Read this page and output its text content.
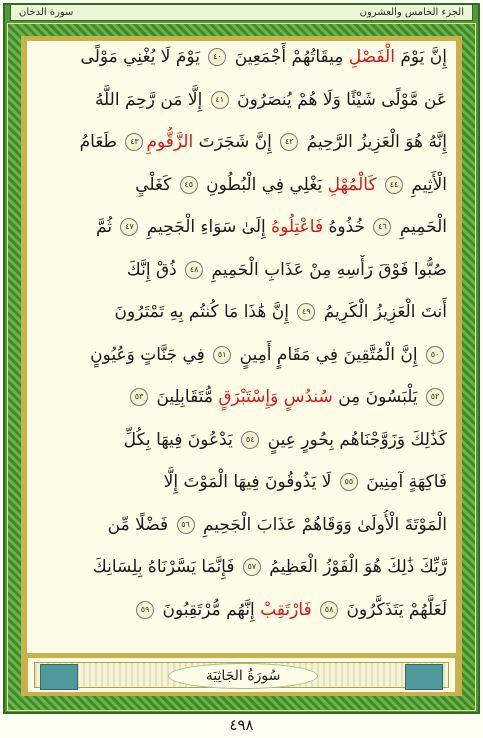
سورة الدخان	الجزء الخامس والعشرون
إِنَّ يَوْمَ الْفَصْلِ مِيقَاتُهُمْ أَجْمَعِينَ ٤٠ يَوْمَ لَا يُغْنِي مَوْلًى
عَن مَّوْلًى شَيْئًا وَلَا هُمْ يُنصَرُونَ ٤١ إِلَّا مَن رَّحِمَ اللَّهُ
إِنَّهُ هُوَ الْعَزِيزُ الرَّحِيمُ ٤٢ إِنَّ شَجَرَتَ الزَّقُّومِ٤٣ طَعَامُ
الْأَثِيمِ ٤٤ كَالْمُهْلِ يَغْلِي فِي الْبُطُونِ ٤٥ كَغَلْيِ
الْحَمِيمِ ٤٦ خُذُوهُ فَاعْتِلُوهُ إِلَىٰ سَوَاءِ الْجَحِيمِ ٤٧ ثُمَّ
صُبُّوا فَوْقَ رَأْسِهِ مِنْ عَذَابِ الْحَمِيمِ ٤٨ ذُقْ إِنَّكَ
أَنتَ الْعَزِيزُ الْكَرِيمُ ٤٩ إِنَّ هَٰذَا مَا كُنتُم بِهِ تَمْتَرُونَ
٥٠ إِنَّ الْمُتَّقِينَ فِي مَقَامٍ أَمِينٍ ٥١ فِي جَنَّاتٍ وَعُيُونٍ
٥٢ يَلْبَسُونَ مِن سُندُسٍ وَإِسْتَبْرَقٍ مُّتَقَابِلِينَ ٥٣
كَذَٰلِكَ وَزَوَّجْنَاهُم بِحُورٍ عِينٍ ٥٤ يَدْعُونَ فِيهَا بِكُلِّ
فَاكِهَةٍ آمِنِينَ ٥٥ لَا يَذُوقُونَ فِيهَا الْمَوْتَ إِلَّا
الْمَوْتَةَ الْأُولَىٰ وَوَقَاهُمْ عَذَابَ الْجَحِيمِ ٥٦ فَضْلًا مِّن
رَّبِّكَ ذَٰلِكَ هُوَ الْفَوْزُ الْعَظِيمُ ٥٧ فَإِنَّمَا يَسَّرْنَاهُ بِلِسَانِكَ
لَعَلَّهُمْ يَتَذَكَّرُونَ ٥٨ فَارْتَقِبْ إِنَّهُم مُّرْتَقِبُونَ ٥٩
سُورَةُ الجَاثِيَة
٤٩٨
